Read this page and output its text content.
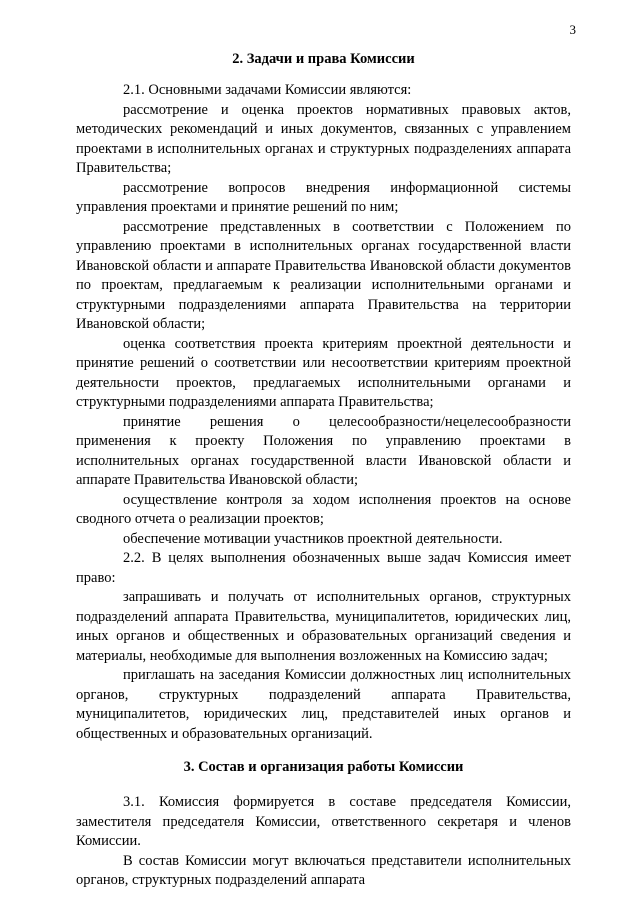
3
2. Задачи и права Комиссии

2.1. Основными задачами Комиссии являются:

рассмотрение и оценка проектов нормативных правовых актов, методических рекомендаций и иных документов, связанных с управлением проектами в исполнительных органах и структурных подразделениях аппарата Правительства;

рассмотрение вопросов внедрения информационной системы управления проектами и принятие решений по ним;

рассмотрение представленных в соответствии с Положением по управлению проектами в исполнительных органах государственной власти Ивановской области и аппарате Правительства Ивановской области документов по проектам, предлагаемым к реализации исполнительными органами и структурными подразделениями аппарата Правительства на территории Ивановской области;

оценка соответствия проекта критериям проектной деятельности и принятие решений о соответствии или несоответствии критериям проектной деятельности проектов, предлагаемых исполнительными органами и структурными подразделениями аппарата Правительства;

принятие решения о целесообразности/нецелесообразности применения к проекту Положения по управлению проектами в исполнительных органах государственной власти Ивановской области и аппарате Правительства Ивановской области;

осуществление контроля за ходом исполнения проектов на основе сводного отчета о реализации проектов;

обеспечение мотивации участников проектной деятельности.

2.2. В целях выполнения обозначенных выше задач Комиссия имеет право:

запрашивать и получать от исполнительных органов, структурных подразделений аппарата Правительства, муниципалитетов, юридических лиц, иных органов и общественных и образовательных организаций сведения и материалы, необходимые для выполнения возложенных на Комиссию задач;

приглашать на заседания Комиссии должностных лиц исполнительных органов, структурных подразделений аппарата Правительства, муниципалитетов, юридических лиц, представителей иных органов и общественных и образовательных организаций.

3. Состав и организация работы Комиссии

3.1. Комиссия формируется в составе председателя Комиссии, заместителя председателя Комиссии, ответственного секретаря и членов Комиссии.

В состав Комиссии могут включаться представители исполнительных органов, структурных подразделений аппарата
